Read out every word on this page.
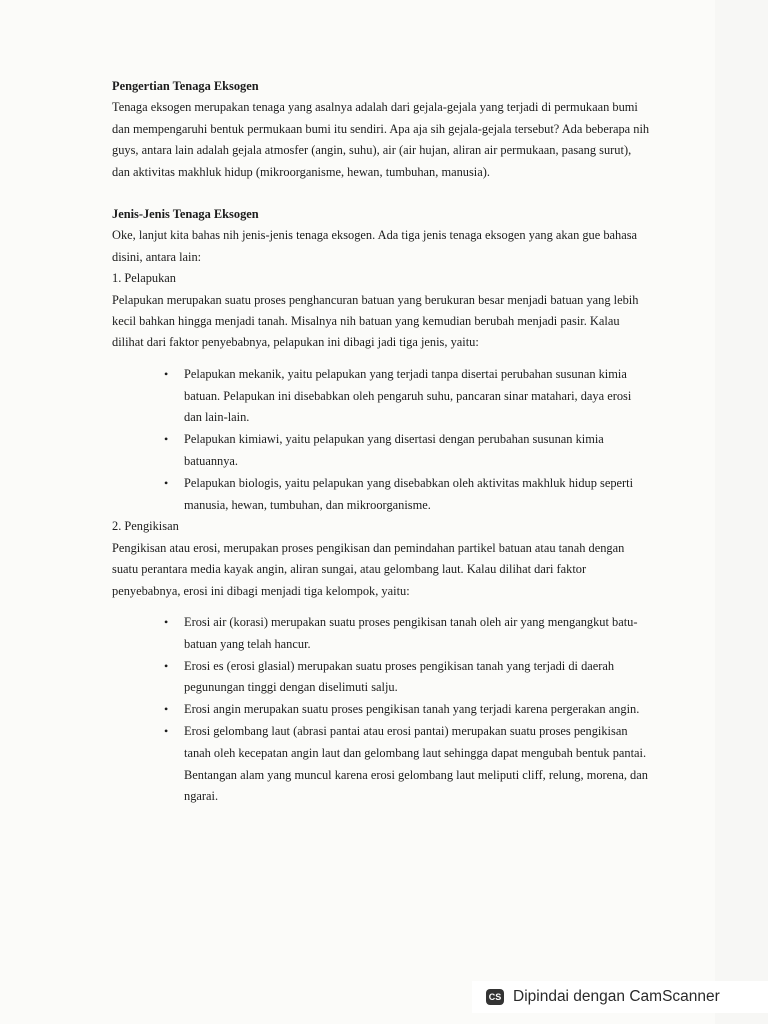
Pengertian Tenaga Eksogen

Tenaga eksogen merupakan tenaga yang asalnya adalah dari gejala-gejala yang terjadi di permukaan bumi dan mempengaruhi bentuk permukaan bumi itu sendiri. Apa aja sih gejala-gejala tersebut? Ada beberapa nih guys, antara lain adalah gejala atmosfer (angin, suhu), air (air hujan, aliran air permukaan, pasang surut), dan aktivitas makhluk hidup (mikroorganisme, hewan, tumbuhan, manusia).

Jenis-Jenis Tenaga Eksogen

Oke, lanjut kita bahas nih jenis-jenis tenaga eksogen. Ada tiga jenis tenaga eksogen yang akan gue bahasa disini, antara lain:

1. Pelapukan

Pelapukan merupakan suatu proses penghancuran batuan yang berukuran besar menjadi batuan yang lebih kecil bahkan hingga menjadi tanah. Misalnya nih batuan yang kemudian berubah menjadi pasir. Kalau dilihat dari faktor penyebabnya, pelapukan ini dibagi jadi tiga jenis, yaitu:

• Pelapukan mekanik, yaitu pelapukan yang terjadi tanpa disertai perubahan susunan kimia batuan. Pelapukan ini disebabkan oleh pengaruh suhu, pancaran sinar matahari, daya erosi dan lain-lain.
• Pelapukan kimiawi, yaitu pelapukan yang disertasi dengan perubahan susunan kimia batuannya.
• Pelapukan biologis, yaitu pelapukan yang disebabkan oleh aktivitas makhluk hidup seperti manusia, hewan, tumbuhan, dan mikroorganisme.

2. Pengikisan

Pengikisan atau erosi, merupakan proses pengikisan dan pemindahan partikel batuan atau tanah dengan suatu perantara media kayak angin, aliran sungai, atau gelombang laut. Kalau dilihat dari faktor penyebabnya, erosi ini dibagi menjadi tiga kelompok, yaitu:

• Erosi air (korasi) merupakan suatu proses pengikisan tanah oleh air yang mengangkut batu-batuan yang telah hancur.
• Erosi es (erosi glasial) merupakan suatu proses pengikisan tanah yang terjadi di daerah pegunungan tinggi dengan diselimuti salju.
• Erosi angin merupakan suatu proses pengikisan tanah yang terjadi karena pergerakan angin.
• Erosi gelombang laut (abrasi pantai atau erosi pantai) merupakan suatu proses pengikisan tanah oleh kecepatan angin laut dan gelombang laut sehingga dapat mengubah bentuk pantai. Bentangan alam yang muncul karena erosi gelombang laut meliputi cliff, relung, morena, dan ngarai.
CS Dipindai dengan CamScanner
